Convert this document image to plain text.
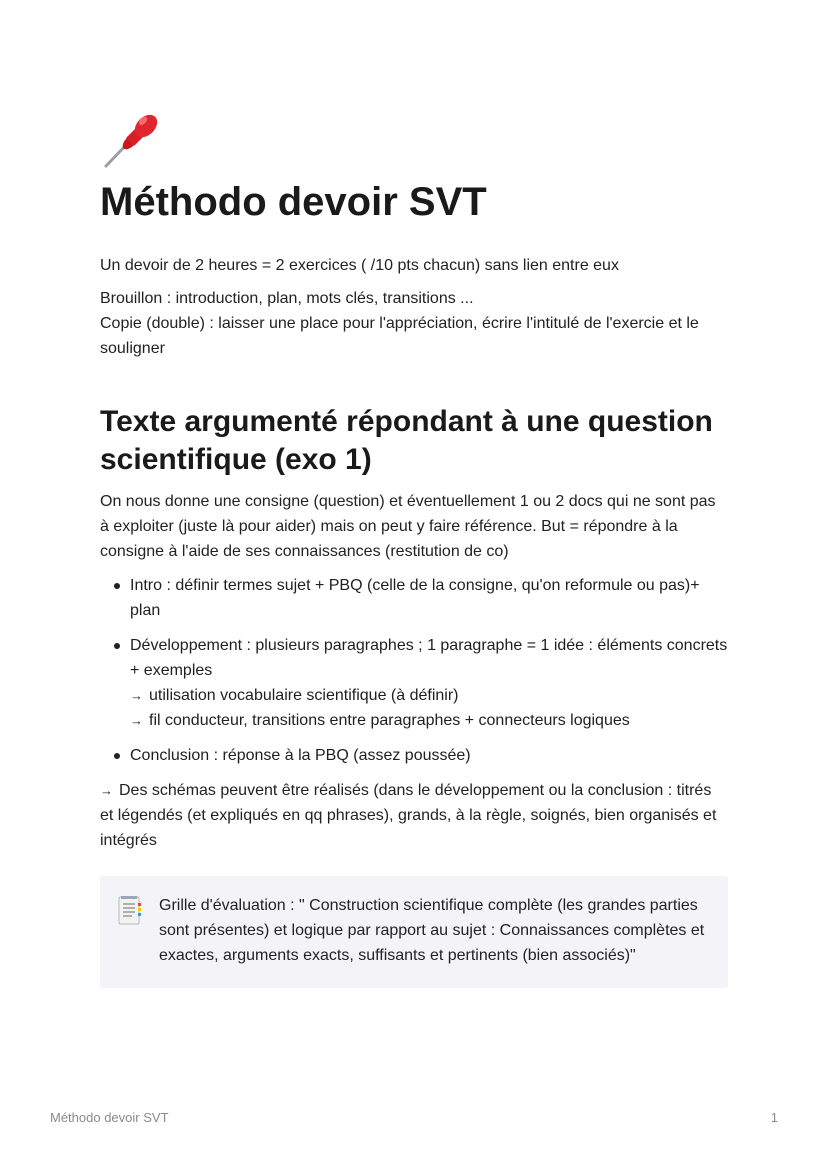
Méthodo devoir SVT

Un devoir de 2 heures = 2 exercices ( /10 pts chacun) sans lien entre eux

Brouillon : introduction, plan, mots clés, transitions ...

Copie (double) : laisser une place pour l'appréciation, écrire l'intitulé de l'exercie et le souligner

Texte argumenté répondant à une question scientifique (exo 1)

On nous donne une consigne (question) et éventuellement 1 ou 2 docs qui ne sont pas à exploiter (juste là pour aider) mais on peut y faire référence. But = répondre à la consigne à l'aide de ses connaissances (restitution de co)

Intro : définir termes sujet + PBQ (celle de la consigne, qu'on reformule ou pas)+ plan
Développement : plusieurs paragraphes ; 1 paragraphe = 1 idée : éléments concrets + exemples
→ utilisation vocabulaire scientifique (à définir)
→ fil conducteur, transitions entre paragraphes + connecteurs logiques
Conclusion : réponse à la PBQ (assez poussée)

→ Des schémas peuvent être réalisés (dans le développement ou la conclusion : titrés et légendés (et expliqués en qq phrases), grands, à la règle, soignés, bien organisés et intégrés

Grille d'évaluation : " Construction scientifique complète (les grandes parties sont présentes) et logique par rapport au sujet : Connaissances complètes et exactes, arguments exacts, suffisants et pertinents (bien associés)"

Méthodo devoir SVT	1
